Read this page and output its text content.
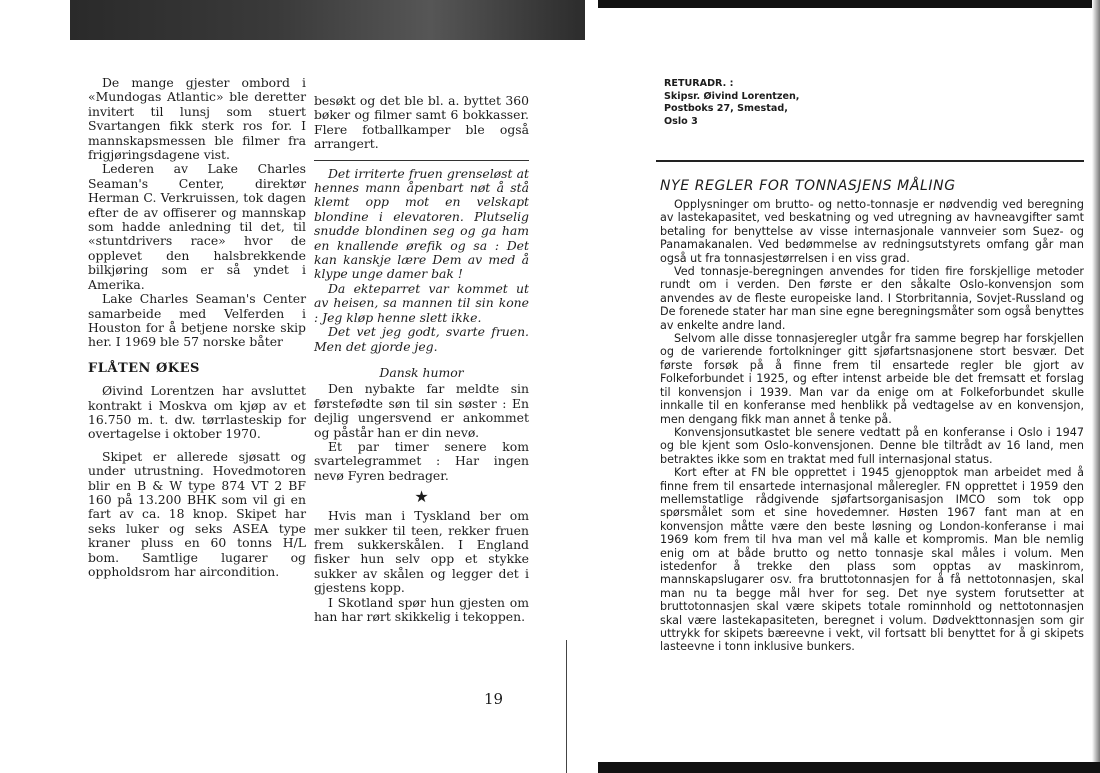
De mange gjester ombord i «Mundogas Atlantic» ble deretter invitert til lunsj som stuert Svartangen fikk sterk ros for. I mannskapsmessen ble filmer fra frigjøringsdagene vist.

Lederen av Lake Charles Seaman's Center, direktør Herman C. Verkruissen, tok dagen efter de av offiserer og mannskap som hadde anledning til det, til «stuntdrivers race» hvor de opplevet den halsbrekkende bilkjøring som er så yndet i Amerika.

Lake Charles Seaman's Center samarbeide med Velferden i Houston for å betjene norske skip her. I 1969 ble 57 norske båter

FLÅTEN ØKES

Øivind Lorentzen har avsluttet kontrakt i Moskva om kjøp av et 16.750 m. t. dw. tørrlasteskip for overtagelse i oktober 1970.

Skipet er allerede sjøsatt og under utrustning. Hovedmotoren blir en B & W type 874 VT 2 BF 160 på 13.200 BHK som vil gi en fart av ca. 18 knop. Skipet har seks luker og seks ASEA type kraner pluss en 60 tonns H/L bom. Samtlige lugarer og oppholdsrom har aircondition.

besøkt og det ble bl. a. byttet 360 bøker og filmer samt 6 bokkasser. Flere fotballkamper ble også arrangert.

Det irriterte fruen grenseløst at hennes mann åpenbart nøt å stå klemt opp mot en velskapt blondine i elevatoren. Plutselig snudde blondinen seg og ga ham en knallende ørefik og sa : Det kan kanskje lære Dem av med å klype unge damer bak !

Da ekteparret var kommet ut av heisen, sa mannen til sin kone : Jeg kløp henne slett ikke.

Det vet jeg godt, svarte fruen. Men det gjorde jeg.

Dansk humor

Den nybakte far meldte sin førstefødte søn til sin søster : En dejlig ungersvend er ankommet og påstår han er din nevø.

Et par timer senere kom svartelegrammet : Har ingen nevø Fyren bedrager.

★

Hvis man i Tyskland ber om mer sukker til teen, rekker fruen frem sukkerskålen. I England fisker hun selv opp et stykke sukker av skålen og legger det i gjestens kopp.

I Skotland spør hun gjesten om han har rørt skikkelig i tekoppen.

19
RETURADR. :
Skipsr. Øivind Lorentzen,
Postboks 27, Smestad,
Oslo 3
NYE REGLER FOR TONNASJENS MÅLING

Opplysninger om brutto- og netto-tonnasje er nødvendig ved beregning av lastekapasitet, ved beskatning og ved utregning av havneavgifter samt betaling for benyttelse av visse internasjonale vannveier som Suez- og Panamakanalen. Ved bedømmelse av redningsutstyrets omfang går man også ut fra tonnasjestørrelsen i en viss grad.

Ved tonnasje-beregningen anvendes for tiden fire forskjellige metoder rundt om i verden. Den første er den såkalte Oslo-konvensjon som anvendes av de fleste europeiske land. I Storbritannia, Sovjet-Russland og De forenede stater har man sine egne beregningsmåter som også benyttes av enkelte andre land.

Selvom alle disse tonnasjeregler utgår fra samme begrep har forskjellen og de varierende fortolkninger gitt sjøfartsnasjonene stort besvær. Det første forsøk på å finne frem til ensartede regler ble gjort av Folkeforbundet i 1925, og efter intenst arbeide ble det fremsatt et forslag til konvensjon i 1939. Man var da enige om at Folkeforbundet skulle innkalle til en konferanse med henblikk på vedtagelse av en konvensjon, men dengang fikk man annet å tenke på.

Konvensjonsutkastet ble senere vedtatt på en konferanse i Oslo i 1947 og ble kjent som Oslo-konvensjonen. Denne ble tiltrådt av 16 land, men betraktes ikke som en traktat med full internasjonal status.

Kort efter at FN ble opprettet i 1945 gjenopptok man arbeidet med å finne frem til ensartede internasjonal måleregler. FN opprettet i 1959 den mellemstatlige rådgivende sjøfartsorganisasjon IMCO som tok opp spørsmålet som et sine hovedemner. Høsten 1967 fant man at en konvensjon måtte være den beste løsning og London-konferanse i mai 1969 kom frem til hva man vel må kalle et kompromis. Man ble nemlig enig om at både brutto og netto tonnasje skal måles i volum. Men istedenfor å trekke den plass som opptas av maskinrom, mannskapslugarer osv. fra bruttotonnasjen for å få nettotonnasjen, skal man nu ta begge mål hver for seg. Det nye system forutsetter at bruttotonnasjen skal være skipets totale rominnhold og nettotonnasjen skal være lastekapasiteten, beregnet i volum. Dødvekttonnasjen som gir uttrykk for skipets bæreevne i vekt, vil fortsatt bli benyttet for å gi skipets lasteevne i tonn inklusive bunkers.
